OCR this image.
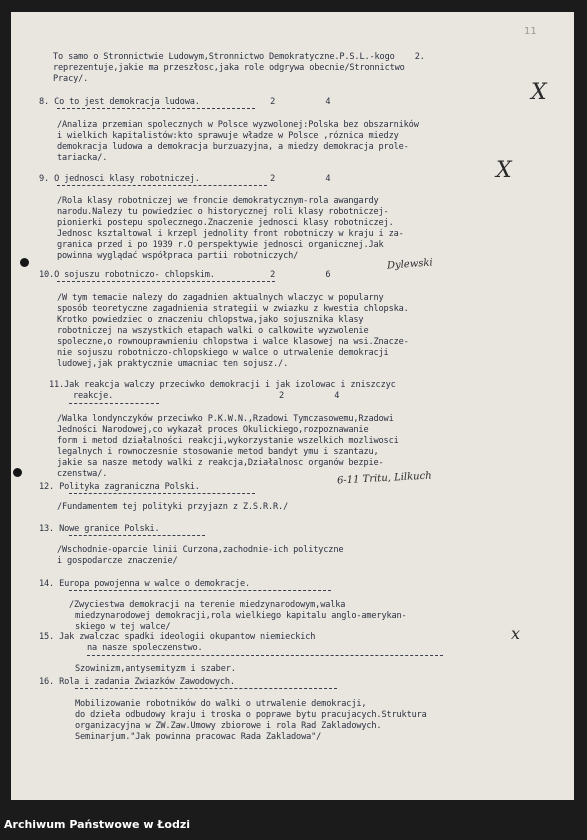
11
To samo o Stronnictwie Ludowym,Stronnictwo Demokratyczne.P.S.L.-kogo    2.
reprezentuje,jakie ma przeszłosc,jaka role odgrywa obecnie/Stronnictwo
Pracy/.
8. Co to jest demokracja ludowa.              2          4
/Analiza przemian spolecznych w Polsce wyzwolonej:Polska bez obszarników
i wielkich kapitalistów:kto sprawuje władze w Polsce ,róznica miedzy
demokracja ludowa a demokracja burzuazyjna, a miedzy demokracja prole-
tariacka/.
9. O jednosci klasy robotniczej.              2          4
/Rola klasy robotniczej we froncie demokratycznym-rola awangardy
narodu.Nalezy tu powiedziec o historycznej roli klasy robotniczej-
pionierki postepu spolecznego.Znaczenie jednosci klasy robotniczej.
Jednosc ksztaltowal i krzepl jednolity front robotniczy w kraju i za-
granica przed i po 1939 r.O perspektywie jednosci organicznej.Jak
powinna wyglądać współpraca partii robotniczych/
10.O sojuszu robotniczo- chlopskim.           2          6
/W tym temacie nalezy do zagadnien aktualnych wlaczyc w popularny
sposób teoretyczne zagadnienia strategii w zwiazku z kwestia chlopska.
Krotko powiedziec o znaczeniu chlopstwa,jako sojusznika klasy
robotniczej na wszystkich etapach walki o calkowite wyzwolenie
spoleczne,o rownouprawnieniu chlopstwa i walce klasowej na wsi.Znacze-
nie sojuszu robotniczo-chlopskiego w walce o utrwalenie demokracji
ludowej,jak praktycznie umacniac ten sojusz./.
11.Jak reakcja walczy przeciwko demokracji i jak izolowac i zniszczyc
reakcje.                                 2          4
/Walka londynczyków przeciwko P.K.W.N.,Rzadowi Tymczasowemu,Rzadowi
Jedności Narodowej,co wykazał proces Okulickiego,rozpoznawanie
form i metod działalności reakcji,wykorzystanie wszelkich mozliwosci
legalnych i rownoczesnie stosowanie metod bandyt ymu i szantazu,
jakie sa nasze metody walki z reakcja,Działalnosc organów bezpie-
czenstwa/.
12. Polityka zagraniczna Polski.
/Fundamentem tej polityki przyjazn z Z.S.R.R./
13. Nowe granice Polski.
/Wschodnie-oparcie linii Curzona,zachodnie-ich polityczne
i gospodarcze znaczenie/
14. Europa powojenna w walce o demokracje.
/Zwyciestwa demokracji na terenie miedzynarodowym,walka
miedzynarodowej demokracji,rola wielkiego kapitalu anglo-amerykan-
skiego w tej walce/
15. Jak zwalczac spadki ideologii okupantow niemieckich
na nasze spoleczenstwo.
Szowinizm,antysemityzm i szaber.
16. Rola i zadania Zwiazków Zawodowych.
Mobilizowanie robotników do walki o utrwalenie demokracji,
do dzieła odbudowy kraju i troska o poprawe bytu pracujacych.Struktura
organizacyjna w ZW.Zaw.Umowy zbiorowe i rola Rad Zakladowych.
Seminarjum."Jak powinna pracowac Rada Zakladowa"/
X
X
Dylewski
6-11 Tritu, Lilkuch
x
Archiwum Państwowe w Łodzi
